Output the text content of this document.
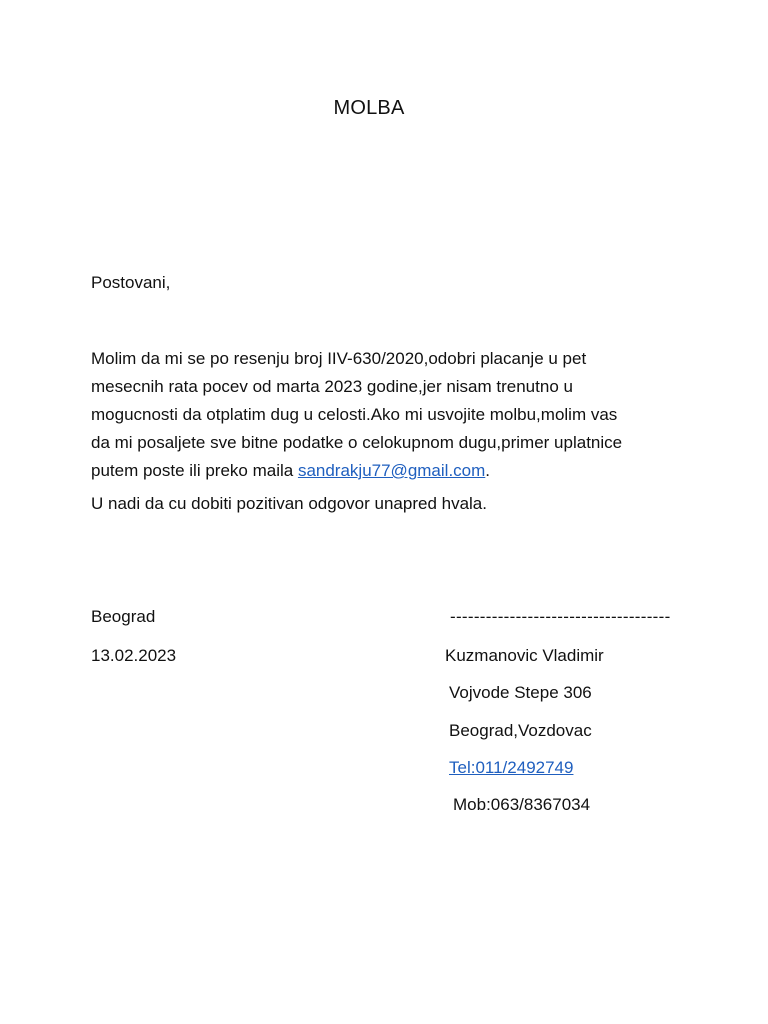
MOLBA
Postovani,

Molim da mi se po resenju broj IIV-630/2020,odobri placanje u pet
mesecnih rata pocev od marta 2023 godine,jer nisam trenutno u
mogucnosti da otplatim dug u celosti.Ako mi usvojite molbu,molim vas
da mi posaljete sve bitne podatke o celokupnom dugu,primer uplatnice
putem poste ili preko maila sandrakju77@gmail.com.

U nadi da cu dobiti pozitivan odgovor unapred hvala.
Beograd
13.02.2023
-------------------------------------
Kuzmanovic Vladimir
Vojvode Stepe 306
Beograd,Vozdovac
Tel:011/2492749
Mob:063/8367034
